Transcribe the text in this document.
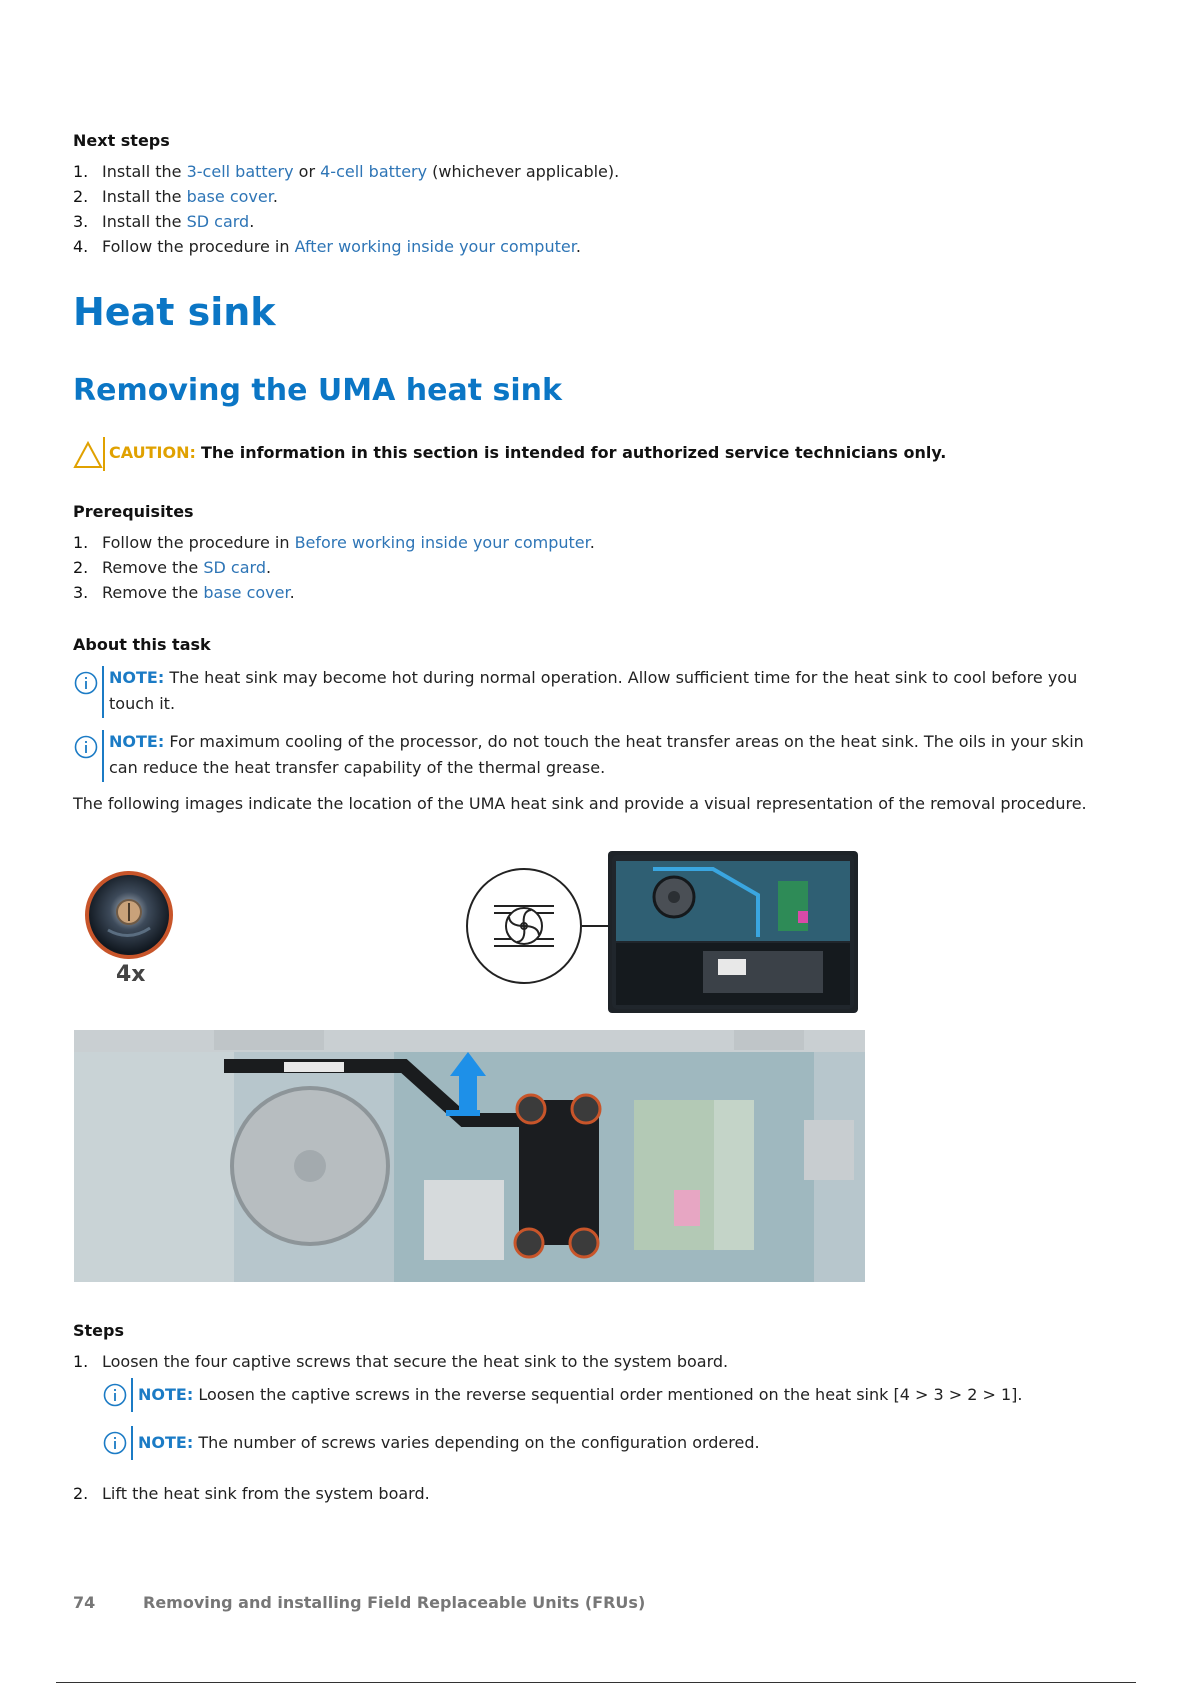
Next steps
1. Install the 3-cell battery or 4-cell battery (whichever applicable).
2. Install the base cover.
3. Install the SD card.
4. Follow the procedure in After working inside your computer.
Heat sink
Removing the UMA heat sink
CAUTION: The information in this section is intended for authorized service technicians only.
Prerequisites
1. Follow the procedure in Before working inside your computer.
2. Remove the SD card.
3. Remove the base cover.
About this task
NOTE: The heat sink may become hot during normal operation. Allow sufficient time for the heat sink to cool before you
touch it.
NOTE: For maximum cooling of the processor, do not touch the heat transfer areas on the heat sink. The oils in your skin
can reduce the heat transfer capability of the thermal grease.
The following images indicate the location of the UMA heat sink and provide a visual representation of the removal procedure.
4x
Steps
1. Loosen the four captive screws that secure the heat sink to the system board.
NOTE: Loosen the captive screws in the reverse sequential order mentioned on the heat sink [4 > 3 > 2 > 1].
NOTE: The number of screws varies depending on the configuration ordered.
2. Lift the heat sink from the system board.
74	Removing and installing Field Replaceable Units (FRUs)
